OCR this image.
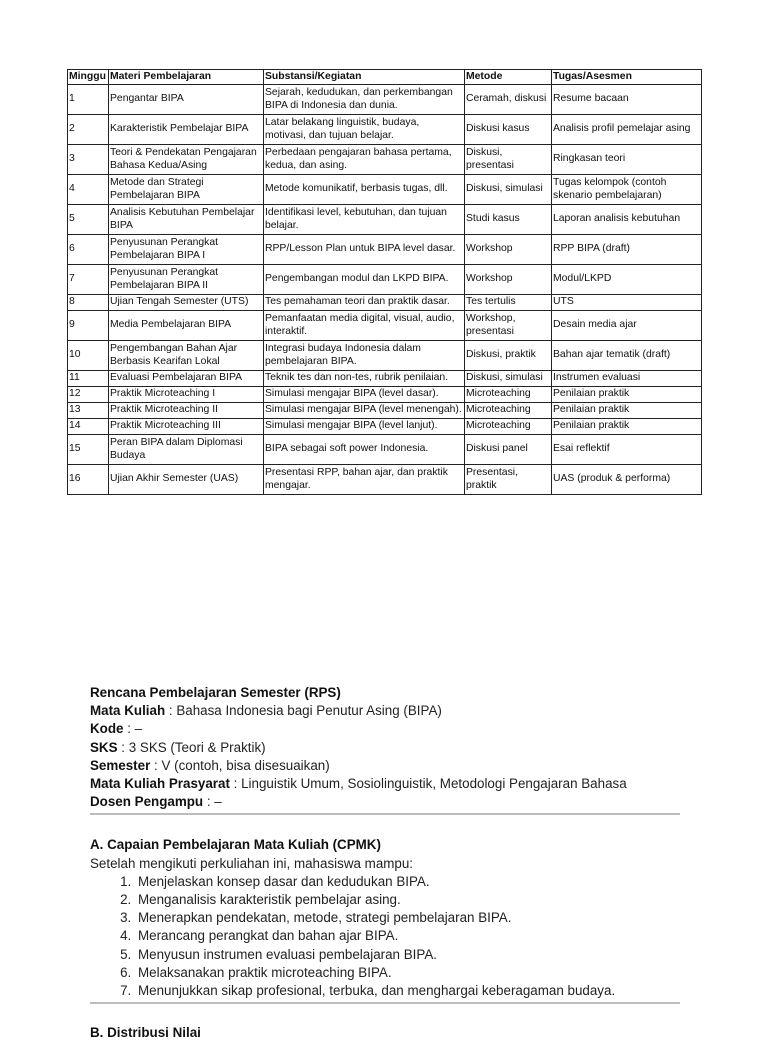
Minggu	Materi Pembelajaran	Substansi/Kegiatan	Metode	Tugas/Asesmen
1	Pengantar BIPA	Sejarah, kedudukan, dan perkembangan BIPA di Indonesia dan dunia.	Ceramah, diskusi	Resume bacaan
2	Karakteristik Pembelajar BIPA	Latar belakang linguistik, budaya, motivasi, dan tujuan belajar.	Diskusi kasus	Analisis profil pemelajar asing
3	Teori & Pendekatan Pengajaran Bahasa Kedua/Asing	Perbedaan pengajaran bahasa pertama, kedua, dan asing.	Diskusi, presentasi	Ringkasan teori
4	Metode dan Strategi Pembelajaran BIPA	Metode komunikatif, berbasis tugas, dll.	Diskusi, simulasi	Tugas kelompok (contoh skenario pembelajaran)
5	Analisis Kebutuhan Pembelajar BIPA	Identifikasi level, kebutuhan, dan tujuan belajar.	Studi kasus	Laporan analisis kebutuhan
6	Penyusunan Perangkat Pembelajaran BIPA I	RPP/Lesson Plan untuk BIPA level dasar.	Workshop	RPP BIPA (draft)
7	Penyusunan Perangkat Pembelajaran BIPA II	Pengembangan modul dan LKPD BIPA.	Workshop	Modul/LKPD
8	Ujian Tengah Semester (UTS)	Tes pemahaman teori dan praktik dasar.	Tes tertulis	UTS
9	Media Pembelajaran BIPA	Pemanfaatan media digital, visual, audio, interaktif.	Workshop, presentasi	Desain media ajar
10	Pengembangan Bahan Ajar Berbasis Kearifan Lokal	Integrasi budaya Indonesia dalam pembelajaran BIPA.	Diskusi, praktik	Bahan ajar tematik (draft)
11	Evaluasi Pembelajaran BIPA	Teknik tes dan non-tes, rubrik penilaian.	Diskusi, simulasi	Instrumen evaluasi
12	Praktik Microteaching I	Simulasi mengajar BIPA (level dasar).	Microteaching	Penilaian praktik
13	Praktik Microteaching II	Simulasi mengajar BIPA (level menengah).	Microteaching	Penilaian praktik
14	Praktik Microteaching III	Simulasi mengajar BIPA (level lanjut).	Microteaching	Penilaian praktik
15	Peran BIPA dalam Diplomasi Budaya	BIPA sebagai soft power Indonesia.	Diskusi panel	Esai reflektif
16	Ujian Akhir Semester (UAS)	Presentasi RPP, bahan ajar, dan praktik mengajar.	Presentasi, praktik	UAS (produk & performa)

Rencana Pembelajaran Semester (RPS)

Mata Kuliah : Bahasa Indonesia bagi Penutur Asing (BIPA)

Kode : –

SKS : 3 SKS (Teori & Praktik)

Semester : V (contoh, bisa disesuaikan)

Mata Kuliah Prasyarat : Linguistik Umum, Sosiolinguistik, Metodologi Pengajaran Bahasa

Dosen Pengampu : –

A. Capaian Pembelajaran Mata Kuliah (CPMK)

Setelah mengikuti perkuliahan ini, mahasiswa mampu:

1. Menjelaskan konsep dasar dan kedudukan BIPA.
2. Menganalisis karakteristik pembelajar asing.
3. Menerapkan pendekatan, metode, strategi pembelajaran BIPA.
4. Merancang perangkat dan bahan ajar BIPA.
5. Menyusun instrumen evaluasi pembelajaran BIPA.
6. Melaksanakan praktik microteaching BIPA.
7. Menunjukkan sikap profesional, terbuka, dan menghargai keberagaman budaya.

B. Distribusi Nilai
